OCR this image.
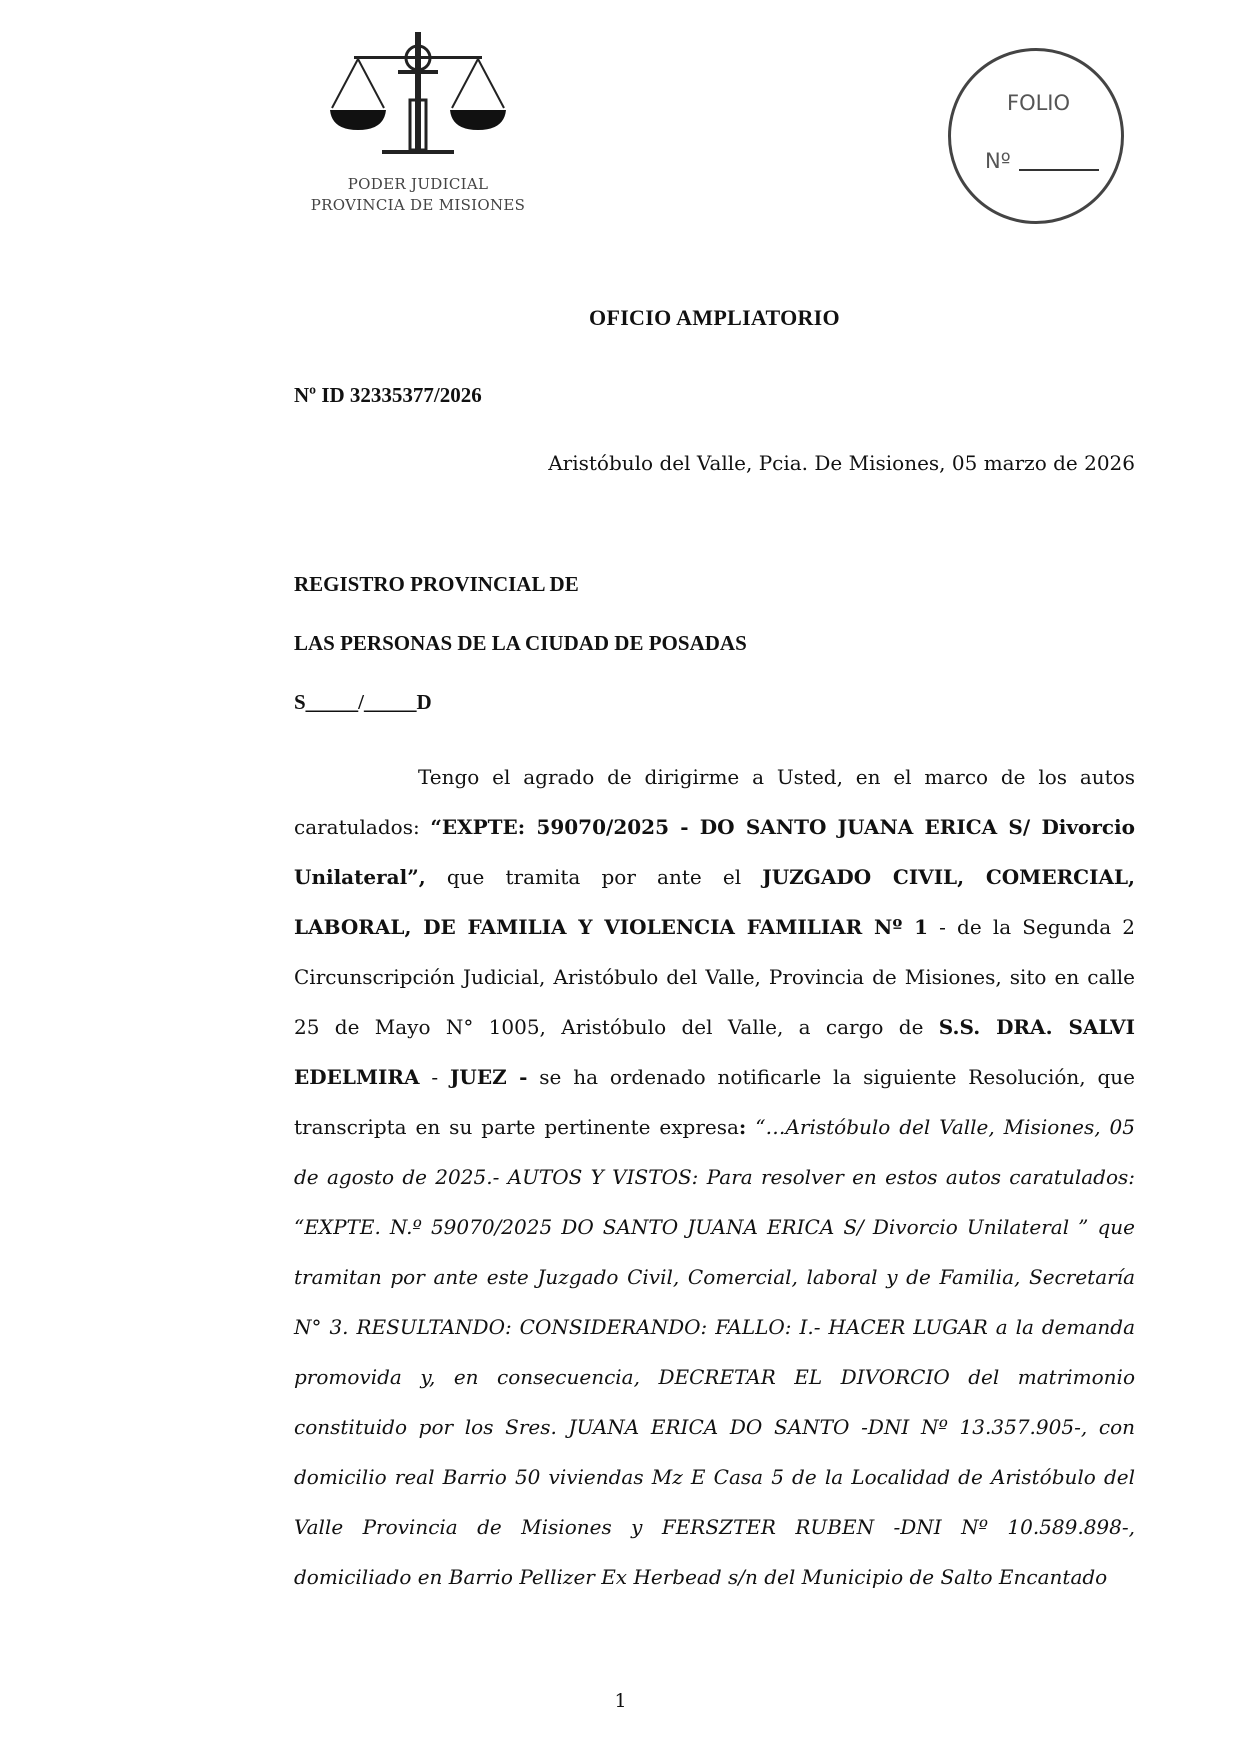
PODER JUDICIAL
PROVINCIA DE MISIONES
FOLIO
Nº
OFICIO AMPLIATORIO
Nº ID 32335377/2026
Aristóbulo del Valle, Pcia. De Misiones, 05 marzo de 2026
REGISTRO PROVINCIAL DE
LAS PERSONAS DE LA CIUDAD DE POSADAS
S_____/_____D

Tengo el agrado de dirigirme a Usted, en el marco de los autos caratulados: “EXPTE: 59070/2025 - DO SANTO JUANA ERICA S/ Divorcio Unilateral”, que tramita por ante el JUZGADO CIVIL, COMERCIAL, LABORAL, DE FAMILIA Y VIOLENCIA FAMILIAR Nº 1 - de la Segunda 2 Circunscripción Judicial, Aristóbulo del Valle, Provincia de Misiones, sito en calle 25 de Mayo N° 1005, Aristóbulo del Valle, a cargo de S.S. DRA. SALVI EDELMIRA - JUEZ - se ha ordenado notificarle la siguiente Resolución, que transcripta en su parte pertinente expresa: “…Aristóbulo del Valle, Misiones, 05 de agosto de 2025.- AUTOS Y VISTOS: Para resolver en estos autos caratulados: “EXPTE. N.º 59070/2025 DO SANTO JUANA ERICA S/ Divorcio Unilateral ” que tramitan por ante este Juzgado Civil, Comercial, laboral y de Familia, Secretaría N° 3. RESULTANDO: CONSIDERANDO: FALLO: I.- HACER LUGAR a la demanda promovida y, en consecuencia, DECRETAR EL DIVORCIO del matrimonio constituido por los Sres. JUANA ERICA DO SANTO -DNI Nº 13.357.905-, con domicilio real Barrio 50 viviendas Mz E Casa 5 de la Localidad de Aristóbulo del Valle Provincia de Misiones y FERSZTER RUBEN -DNI Nº 10.589.898-, domiciliado en Barrio Pellizer Ex Herbead s/n del Municipio de Salto Encantado

1
